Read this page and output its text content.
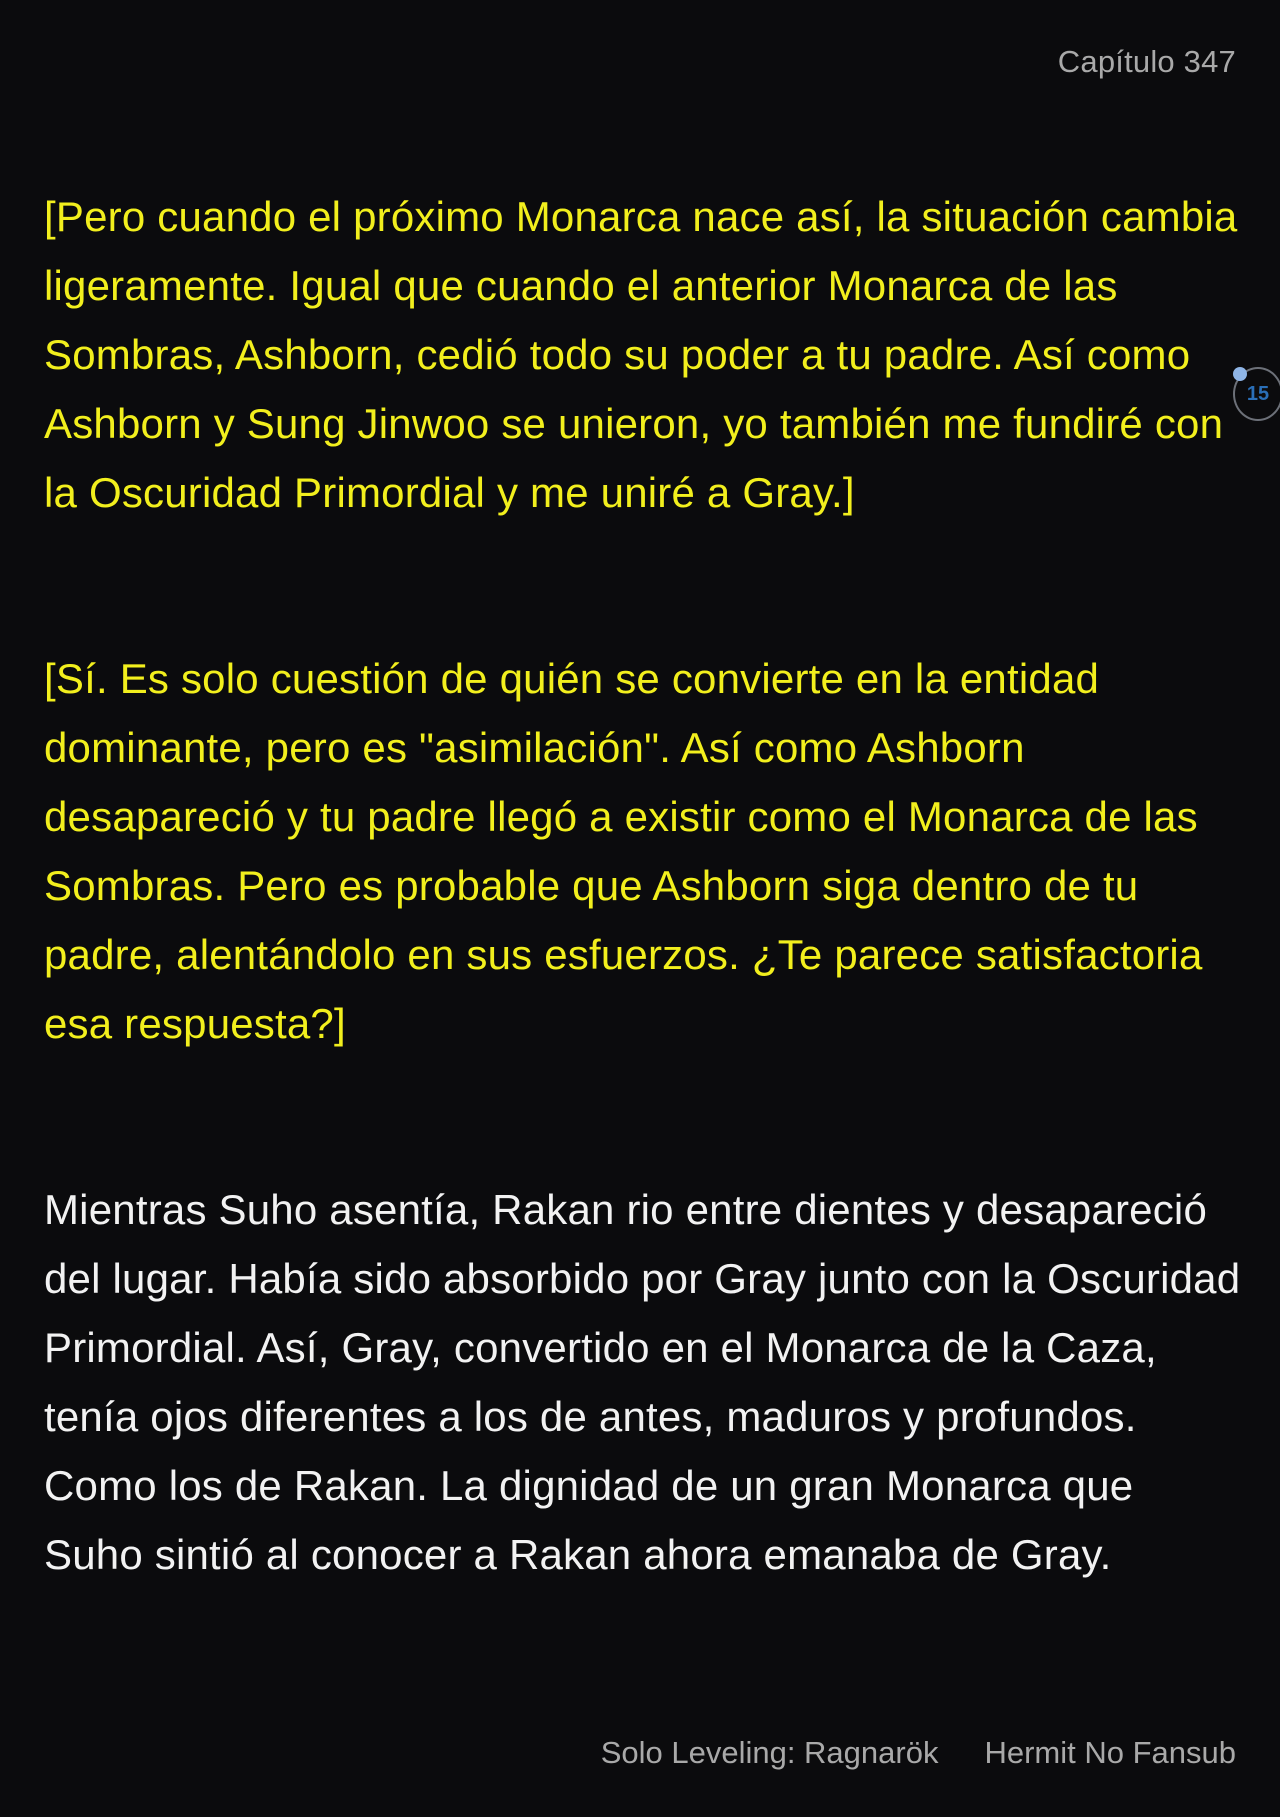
Capítulo 347

[Pero cuando el próximo Monarca nace así, la situación cambia ligeramente. Igual que cuando el anterior Monarca de las Sombras, Ashborn, cedió todo su poder a tu padre. Así como Ashborn y Sung Jinwoo se unieron, yo también me fundiré con la Oscuridad Primordial y me uniré a Gray.]

[Sí. Es solo cuestión de quién se convierte en la entidad dominante, pero es "asimilación". Así como Ashborn desapareció y tu padre llegó a existir como el Monarca de las Sombras. Pero es probable que Ashborn siga dentro de tu padre, alentándolo en sus esfuerzos. ¿Te parece satisfactoria esa respuesta?]

Mientras Suho asentía, Rakan rio entre dientes y desapareció del lugar. Había sido absorbido por Gray junto con la Oscuridad Primordial. Así, Gray, convertido en el Monarca de la Caza, tenía ojos diferentes a los de antes, maduros y profundos. Como los de Rakan. La dignidad de un gran Monarca que Suho sintió al conocer a Rakan ahora emanaba de Gray.

15
Solo Leveling: Ragnarök Hermit No Fansub
